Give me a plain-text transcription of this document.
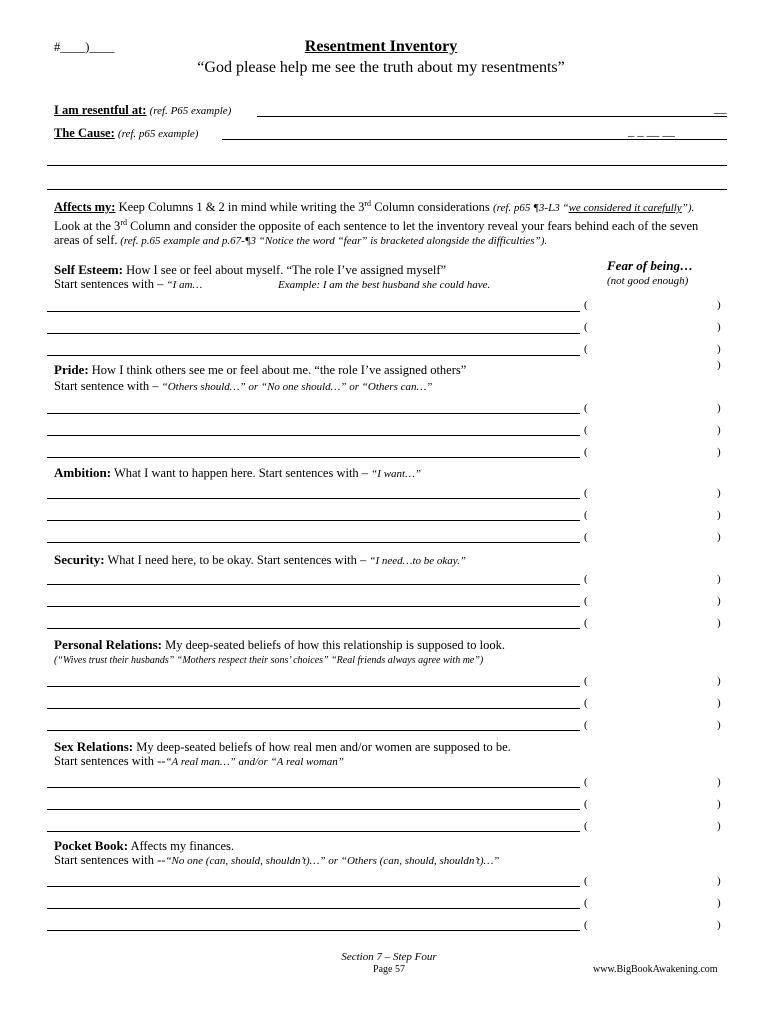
#____)____	Resentment Inventory
“God please help me see the truth about my resentments”
I am resentful at: (ref. P65 example)	__
The Cause: (ref. p65 example)	_ _ __ __
Affects my: Keep Columns 1 & 2 in mind while writing the 3rd Column considerations (ref. p65 ¶3-L3 “we considered it carefully”). Look at the 3rd Column and consider the opposite of each sentence to let the inventory reveal your fears behind each of the seven areas of self. (ref. p.65 example and p.67-¶3 “Notice the word “fear” is bracketed alongside the difficulties”).
Fear of being…
(not good enough)
Self Esteem: How I see or feel about myself. “The role I’ve assigned myself”
Start sentences with – “I am…	Example: I am the best husband she could have.
(	)
(	)
(	)
)
Pride: How I think others see me or feel about me. “the role I’ve assigned others”
Start sentence with – “Others should…” or “No one should…” or “Others can…”
(	)
(	)
(	)
Ambition: What I want to happen here. Start sentences with – “I want…”
(	)
(	)
(	)
Security: What I need here, to be okay. Start sentences with – “I need…to be okay.”
(	)
(	)
(	)
Personal Relations: My deep-seated beliefs of how this relationship is supposed to look.
(“Wives trust their husbands” “Mothers respect their sons’ choices” “Real friends always agree with me”)
(	)
(	)
(	)
Sex Relations: My deep-seated beliefs of how real men and/or women are supposed to be.
Start sentences with --“A real man…” and/or “A real woman”
(	)
(	)
(	)
Pocket Book: Affects my finances.
Start sentences with --“No one (can, should, shouldn’t)…” or “Others (can, should, shouldn’t)…”
(	)
(	)
(	)
Section 7 – Step Four
Page 57	www.BigBookAwakening.com
